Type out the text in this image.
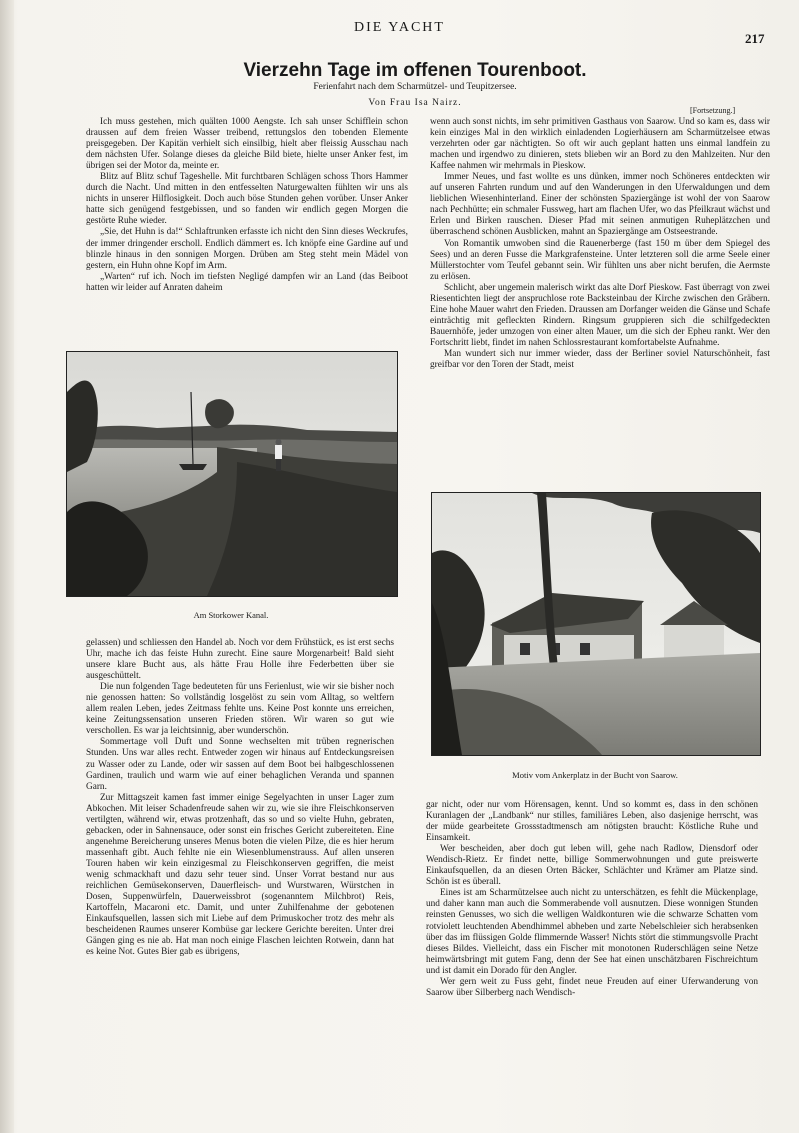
DIE YACHT
217
Vierzehn Tage im offenen Tourenboot.
Ferienfahrt nach dem Scharmützel- und Teupitzersee.
Von Frau Isa Nairz.
[Fortsetzung.]

Ich muss gestehen, mich quälten 1000 Aengste. Ich sah unser Schifflein schon draussen auf dem freien Wasser treibend, rettungslos den tobenden Elemente preisgegeben. Der Kapitän verhielt sich einsilbig, hielt aber fleissig Ausschau nach dem nächsten Ufer. Solange dieses da gleiche Bild biete, hielte unser Anker fest, im übrigen sei der Motor da, meinte er.

Blitz auf Blitz schuf Tageshelle. Mit furchtbaren Schlägen schoss Thors Hammer durch die Nacht. Und mitten in den entfesselten Naturgewalten fühlten wir uns als nichts in unserer Hilflosigkeit. Doch auch böse Stunden gehen vorüber. Unser Anker hatte sich genügend festgebissen, und so fanden wir endlich gegen Morgen die gestörte Ruhe wieder.

„Sie, det Huhn is da!“ Schlaftrunken erfasste ich nicht den Sinn dieses Weckrufes, der immer dringender erscholl. Endlich dämmert es. Ich knöpfe eine Gardine auf und blinzle hinaus in den sonnigen Morgen. Drüben am Steg steht mein Mädel von gestern, ein Huhn ohne Kopf im Arm.

„Warten“ ruf ich. Noch im tiefsten Negligé dampfen wir an Land (das Beiboot hatten wir leider auf Anraten daheim

Am Storkower Kanal.

gelassen) und schliessen den Handel ab. Noch vor dem Frühstück, es ist erst sechs Uhr, mache ich das feiste Huhn zurecht. Eine saure Morgenarbeit! Bald sieht unsere klare Bucht aus, als hätte Frau Holle ihre Federbetten über sie ausgeschüttelt.

Die nun folgenden Tage bedeuteten für uns Ferienlust, wie wir sie bisher noch nie genossen hatten: So vollständig losgelöst zu sein vom Alltag, so weltfern allem realen Leben, jedes Zeitmass fehlte uns. Keine Post konnte uns erreichen, keine Zeitungssensation unseren Frieden stören. Wir waren so gut wie verschollen. Es war ja leichtsinnig, aber wunderschön.

Sommertage voll Duft und Sonne wechselten mit trüben regnerischen Stunden. Uns war alles recht. Entweder zogen wir hinaus auf Entdeckungsreisen zu Wasser oder zu Lande, oder wir sassen auf dem Boot bei halbgeschlossenen Gardinen, traulich und warm wie auf einer behaglichen Veranda und spannen Garn.

Zur Mittagszeit kamen fast immer einige Segelyachten in unser Lager zum Abkochen. Mit leiser Schadenfreude sahen wir zu, wie sie ihre Fleischkonserven vertilgten, während wir, etwas protzenhaft, das so und so vielte Huhn, gebraten, gebacken, oder in Sahnensauce, oder sonst ein frisches Gericht zubereiteten. Eine angenehme Bereicherung unseres Menus boten die vielen Pilze, die es hier herum massenhaft gibt. Auch fehlte nie ein Wiesenblumenstrauss. Auf allen unseren Touren haben wir kein einzigesmal zu Fleischkonserven gegriffen, die meist wenig schmackhaft und dazu sehr teuer sind. Unser Vorrat bestand nur aus reichlichen Gemüsekonserven, Dauerfleisch- und Wurstwaren, Würstchen in Dosen, Suppenwürfeln, Dauerweissbrot (sogenanntem Milchbrot) Reis, Kartoffeln, Macaroni etc. Damit, und unter Zuhilfenahme der gebotenen Einkaufsquellen, lassen sich mit Liebe auf dem Primuskocher trotz des mehr als bescheidenen Raumes unserer Kombüse gar leckere Gerichte bereiten. Unter drei Gängen ging es nie ab. Hat man noch einige Flaschen leichten Rotwein, dann hat es keine Not. Gutes Bier gab es übrigens,

wenn auch sonst nichts, im sehr primitiven Gasthaus von Saarow. Und so kam es, dass wir kein einziges Mal in den wirklich einladenden Logierhäusern am Scharmützelsee etwas verzehrten oder gar nächtigten. So oft wir auch geplant hatten uns einmal landfein zu machen und irgendwo zu dinieren, stets blieben wir an Bord zu den Mahlzeiten. Nur den Kaffee nahmen wir mehrmals in Pieskow.

Immer Neues, und fast wollte es uns dünken, immer noch Schöneres entdeckten wir auf unseren Fahrten rundum und auf den Wanderungen in den Uferwaldungen und dem lieblichen Wiesenhinterland. Einer der schönsten Spaziergänge ist wohl der von Saarow nach Pechhütte; ein schmaler Fussweg, hart am flachen Ufer, wo das Pfeilkraut wächst und Erlen und Birken rauschen. Dieser Pfad mit seinen anmutigen Ruheplätzchen und überraschend schönen Ausblicken, mahnt an Spaziergänge am Ostseestrande.

Von Romantik umwoben sind die Rauenerberge (fast 150 m über dem Spiegel des Sees) und an deren Fusse die Markgrafensteine. Unter letzteren soll die arme Seele einer Müllerstochter vom Teufel gebannt sein. Wir fühlten uns aber nicht berufen, die Aermste zu erlösen.

Schlicht, aber ungemein malerisch wirkt das alte Dorf Pieskow. Fast überragt von zwei Riesentichten liegt der anspruchlose rote Backsteinbau der Kirche zwischen den Gräbern. Eine hohe Mauer wahrt den Frieden. Draussen am Dorfanger weiden die Gänse und Schafe einträchtig mit gefleckten Rindern. Ringsum gruppieren sich die schilfgedeckten Bauernhöfe, jeder umzogen von einer alten Mauer, um die sich der Epheu rankt. Wer den Fortschritt liebt, findet im nahen Schlossrestaurant komfortabelste Aufnahme.

Man wundert sich nur immer wieder, dass der Berliner soviel Naturschönheit, fast greifbar vor den Toren der Stadt, meist

Motiv vom Ankerplatz in der Bucht von Saarow.

gar nicht, oder nur vom Hörensagen, kennt. Und so kommt es, dass in den schönen Kuranlagen der „Landbank“ nur stilles, familiäres Leben, also dasjenige herrscht, was der müde gearbeitete Grossstadtmensch am nötigsten braucht: Köstliche Ruhe und Einsamkeit.

Wer bescheiden, aber doch gut leben will, gehe nach Radlow, Diensdorf oder Wendisch-Rietz. Er findet nette, billige Sommerwohnungen und gute preiswerte Einkaufsquellen, da an diesen Orten Bäcker, Schlächter und Krämer am Platze sind. Schön ist es überall.

Eines ist am Scharmützelsee auch nicht zu unterschätzen, es fehlt die Mückenplage, und daher kann man auch die Sommerabende voll ausnutzen. Diese wonnigen Stunden reinsten Genusses, wo sich die welligen Waldkonturen wie die schwarze Schatten vom rotviolett leuchtenden Abendhimmel abheben und zarte Nebelschleier sich herabsenken über das im flüssigen Golde flimmernde Wasser! Nichts stört die stimmungsvolle Pracht dieses Bildes. Vielleicht, dass ein Fischer mit monotonen Ruderschlägen seine Netze heimwärtsbringt mit gutem Fang, denn der See hat einen unschätzbaren Fischreichtum und ist damit ein Dorado für den Angler.

Wer gern weit zu Fuss geht, findet neue Freuden auf einer Uferwanderung von Saarow über Silberberg nach Wendisch-
